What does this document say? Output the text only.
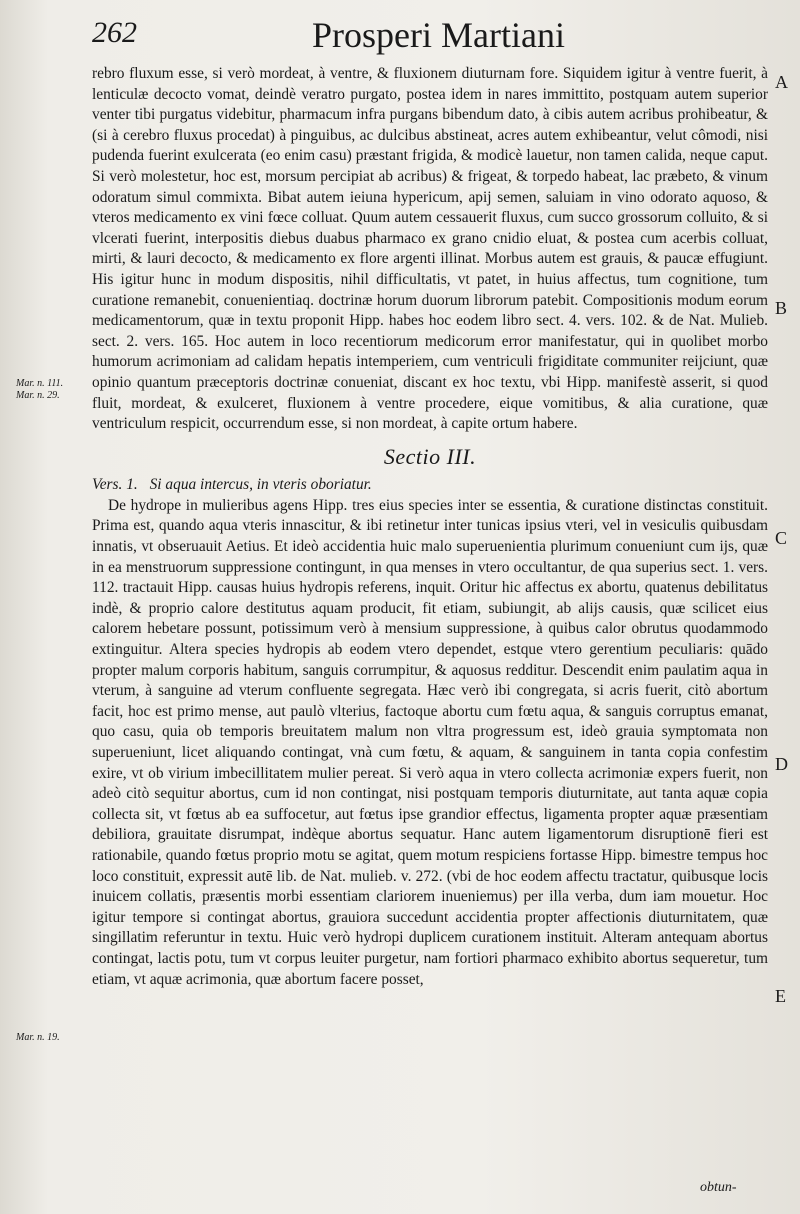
262	Prosperi Martiani
Mar. n. 111.
Mar. n. 29.
Mar. n. 19.
A
B
C
D
E

rebro fluxum esse, si verò mordeat, à ventre, & fluxionem diuturnam fore. Siquidem igitur à ventre fuerit, à lenticulæ decocto vomat, deindè veratro purgato, postea idem in nares immittito, postquam autem superior venter tibi purgatus videbitur, pharmacum infra purgans bibendum dato, à cibis autem acribus prohibeatur, & (si à cerebro fluxus procedat) à pinguibus, ac dulcibus abstineat, acres autem exhibeantur, velut cômodi, nisi pudenda fuerint exulcerata (eo enim casu) præstant frigida, & modicè lauetur, non tamen calida, neque caput. Si verò molestetur, hoc est, morsum percipiat ab acribus) & frigeat, & torpedo habeat, lac præbeto, & vinum odoratum simul commixta. Bibat autem ieiuna hypericum, apij semen, saluiam in vino odorato aquoso, & vteros medicamento ex vini fœce colluat. Quum autem cessauerit fluxus, cum succo grossorum colluito, & si vlcerati fuerint, interpositis diebus duabus pharmaco ex grano cnidio eluat, & postea cum acerbis colluat, mirti, & lauri decocto, & medicamento ex flore argenti illinat. Morbus autem est grauis, & paucæ effugiunt. His igitur hunc in modum dispositis, nihil difficultatis, vt patet, in huius affectus, tum cognitione, tum curatione remanebit, conuenientiaq. doctrinæ horum duorum librorum patebit. Compositionis modum eorum medicamentorum, quæ in textu proponit Hipp. habes hoc eodem libro sect. 4. vers. 102. & de Nat. Mulieb. sect. 2. vers. 165. Hoc autem in loco recentiorum medicorum error manifestatur, qui in quolibet morbo humorum acrimoniam ad calidam hepatis intemperiem, cum ventriculi frigiditate communiter reijciunt, quæ opinio quantum præceptoris doctrinæ conueniat, discant ex hoc textu, vbi Hipp. manifestè asserit, si quod fluit, mordeat, & exulceret, fluxionem à ventre procedere, eique vomitibus, & alia curatione, quæ ventriculum respicit, occurrendum esse, si non mordeat, à capite ortum habere.

Sectio III.

Vers. 1. Si aqua intercus, in vteris oboriatur.

De hydrope in mulieribus agens Hipp. tres eius species inter se essentia, & curatione distinctas constituit. Prima est, quando aqua vteris innascitur, & ibi retinetur inter tunicas ipsius vteri, vel in vesiculis quibusdam innatis, vt obseruauit Aetius. Et ideò accidentia huic malo superuenientia plurimum conueniunt cum ijs, quæ in ea menstruorum suppressione contingunt, in qua menses in vtero occultantur, de qua superius sect. 1. vers. 112. tractauit Hipp. causas huius hydropis referens, inquit. Oritur hic affectus ex abortu, quatenus debilitatus indè, & proprio calore destitutus aquam producit, fit etiam, subiungit, ab alijs causis, quæ scilicet eius calorem hebetare possunt, potissimum verò à mensium suppressione, à quibus calor obrutus quodammodo extinguitur. Altera species hydropis ab eodem vtero dependet, estque vtero gerentium peculiaris: quādo propter malum corporis habitum, sanguis corrumpitur, & aquosus redditur. Descendit enim paulatim aqua in vterum, à sanguine ad vterum confluente segregata. Hæc verò ibi congregata, si acris fuerit, citò abortum facit, hoc est primo mense, aut paulò vlterius, factoque abortu cum fœtu aqua, & sanguis corruptus emanat, quo casu, quia ob temporis breuitatem malum non vltra progressum est, ideò grauia symptomata non superueniunt, licet aliquando contingat, vnà cum fœtu, & aquam, & sanguinem in tanta copia confestim exire, vt ob virium imbecillitatem mulier pereat. Si verò aqua in vtero collecta acrimoniæ expers fuerit, non adeò citò sequitur abortus, cum id non contingat, nisi postquam temporis diuturnitate, aut tanta aquæ copia collecta sit, vt fœtus ab ea suffocetur, aut fœtus ipse grandior effectus, ligamenta propter aquæ præsentiam debiliora, grauitate disrumpat, indèque abortus sequatur. Hanc autem ligamentorum disruptionē fieri est rationabile, quando fœtus proprio motu se agitat, quem motum respiciens fortasse Hipp. bimestre tempus hoc loco constituit, expressit autē lib. de Nat. mulieb. v. 272. (vbi de hoc eodem affectu tractatur, quibusque locis inuicem collatis, præsentis morbi essentiam clariorem inueniemus) per illa verba, dum iam mouetur. Hoc igitur tempore si contingat abortus, grauiora succedunt accidentia propter affectionis diuturnitatem, quæ singillatim referuntur in textu. Huic verò hydropi duplicem curationem instituit. Alteram antequam abortus contingat, lactis potu, tum vt corpus leuiter purgetur, nam fortiori pharmaco exhibito abortus sequeretur, tum etiam, vt aquæ acrimonia, quæ abortum facere posset,

obtun-
